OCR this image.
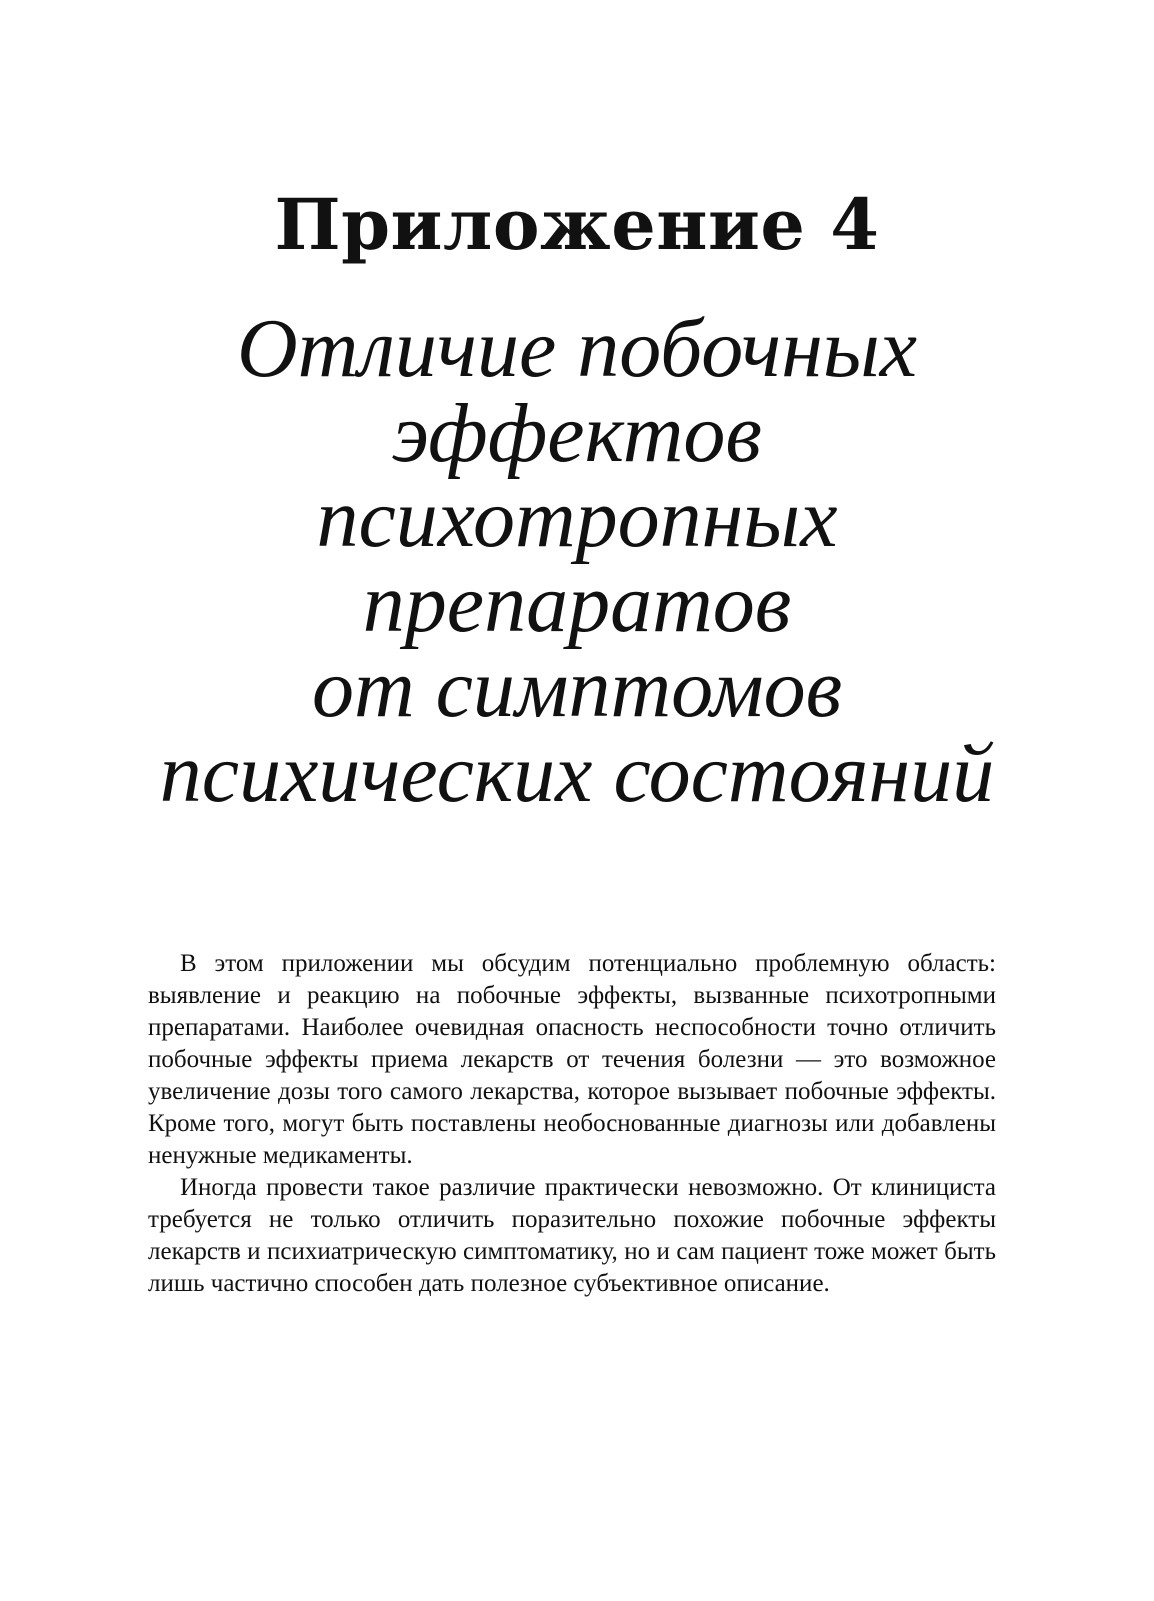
Приложение 4
Отличие побочных
эффектов
психотропных
препаратов
от симптомов
психических состояний

В этом приложении мы обсудим потенциально проблемную область: выявление и реакцию на побочные эффекты, вызванные психотропными препаратами. Наиболее очевидная опасность неспособности точно отличить побочные эффекты приема лекарств от течения болезни — это возможное увеличение дозы того самого лекарства, которое вызывает побочные эффекты. Кроме того, могут быть поставлены необоснованные диагнозы или добавлены ненужные медикаменты.

Иногда провести такое различие практически невозможно. От клинициста требуется не только отличить поразительно похожие побочные эффекты лекарств и психиатрическую симптоматику, но и сам пациент тоже может быть лишь частично способен дать полезное субъективное описание.
